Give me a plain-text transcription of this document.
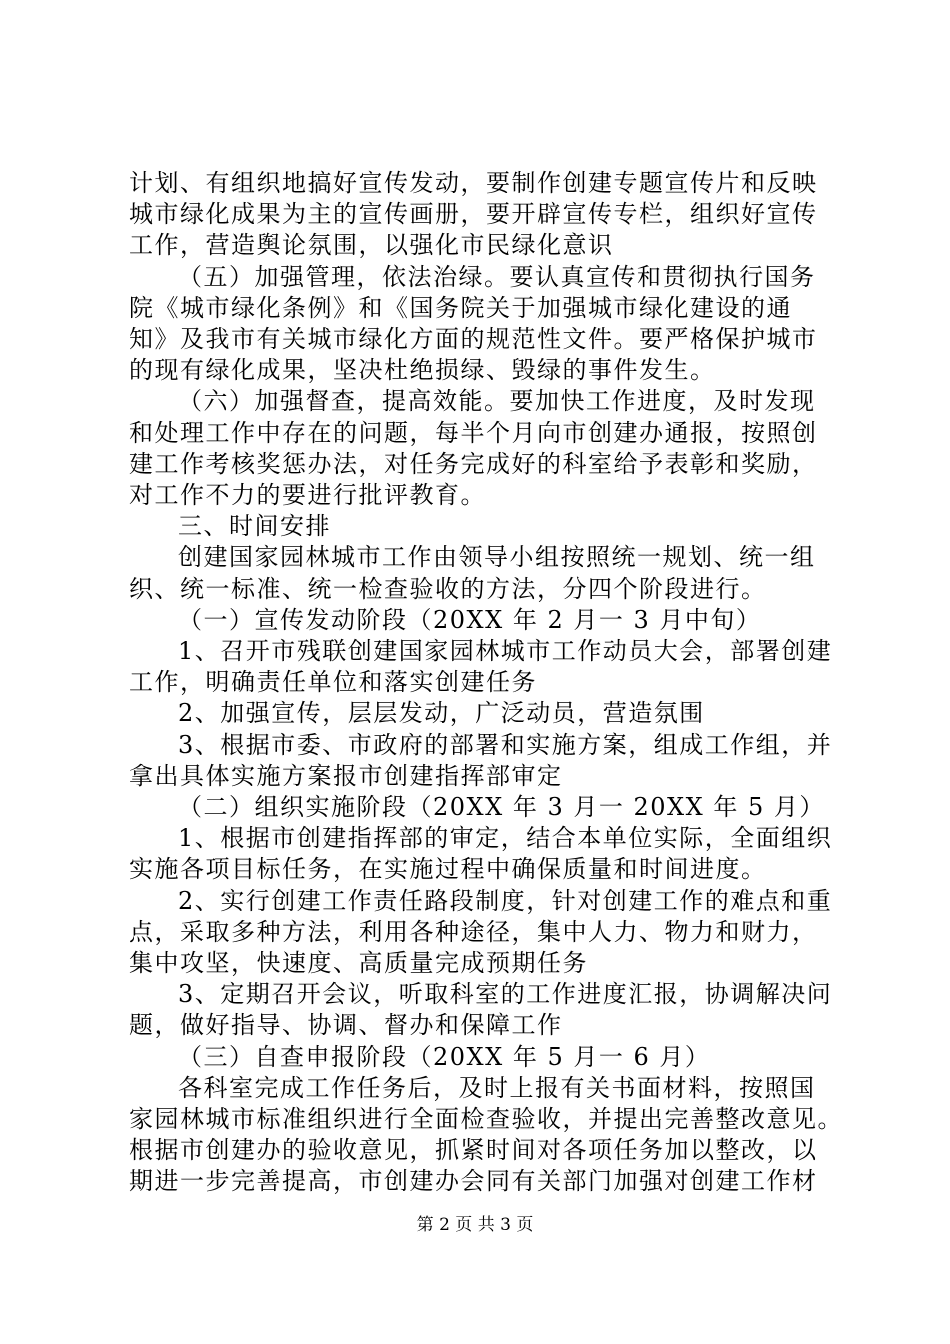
计划、有组织地搞好宣传发动，要制作创建专题宣传片和反映
城市绿化成果为主的宣传画册，要开辟宣传专栏，组织好宣传
工作，营造舆论氛围，以强化市民绿化意识
（五）加强管理，依法治绿。要认真宣传和贯彻执行国务
院《城市绿化条例》和《国务院关于加强城市绿化建设的通
知》及我市有关城市绿化方面的规范性文件。要严格保护城市
的现有绿化成果，坚决杜绝损绿、毁绿的事件发生。
（六）加强督查，提高效能。要加快工作进度，及时发现
和处理工作中存在的问题，每半个月向市创建办通报，按照创
建工作考核奖惩办法，对任务完成好的科室给予表彰和奖励，
对工作不力的要进行批评教育。
三、时间安排
创建国家园林城市工作由领导小组按照统一规划、统一组
织、统一标准、统一检查验收的方法，分四个阶段进行。
（一）宣传发动阶段（20XX 年 2 月一 3 月中旬）
1、召开市残联创建国家园林城市工作动员大会，部署创建
工作，明确责任单位和落实创建任务
2、加强宣传，层层发动，广泛动员，营造氛围
3、根据市委、市政府的部署和实施方案，组成工作组，并
拿出具体实施方案报市创建指挥部审定
（二）组织实施阶段（20XX 年 3 月一 20XX 年 5 月）
1、根据市创建指挥部的审定，结合本单位实际，全面组织
实施各项目标任务，在实施过程中确保质量和时间进度。
2、实行创建工作责任路段制度，针对创建工作的难点和重
点，采取多种方法，利用各种途径，集中人力、物力和财力，
集中攻坚，快速度、高质量完成预期任务
3、定期召开会议，听取科室的工作进度汇报，协调解决问
题，做好指导、协调、督办和保障工作
（三）自查申报阶段（20XX 年 5 月一 6 月）
各科室完成工作任务后，及时上报有关书面材料，按照国
家园林城市标准组织进行全面检查验收，并提出完善整改意见。
根据市创建办的验收意见，抓紧时间对各项任务加以整改，以
期进一步完善提高，市创建办会同有关部门加强对创建工作材
第 2 页 共 3 页
